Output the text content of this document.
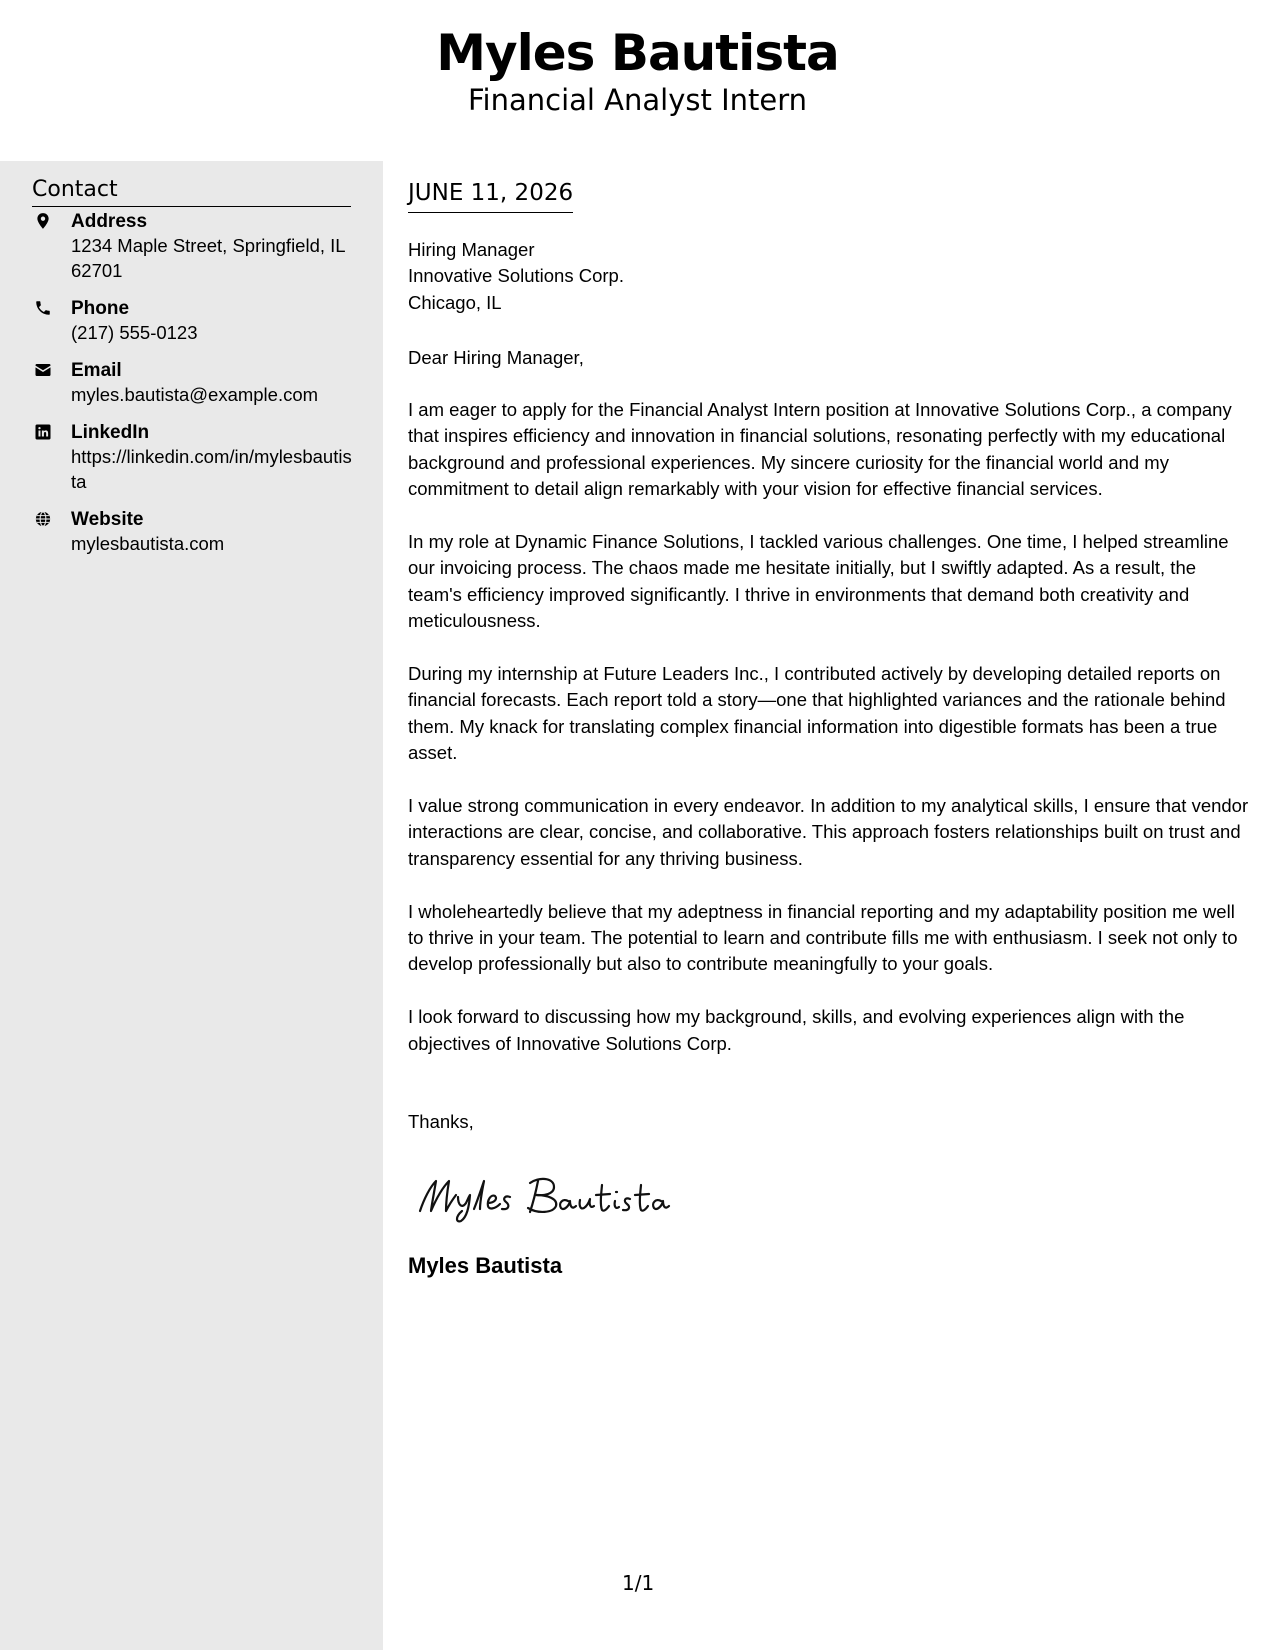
Myles Bautista
Financial Analyst Intern
Contact
Address
1234 Maple Street, Springfield, IL 62701
Phone
(217) 555-0123
Email
myles.bautista@example.com
LinkedIn
https://linkedin.com/in/mylesbautista
Website
mylesbautista.com
JUNE 11, 2026
Hiring Manager
Innovative Solutions Corp.
Chicago, IL
Dear Hiring Manager,

I am eager to apply for the Financial Analyst Intern position at Innovative Solutions Corp., a company that inspires efficiency and innovation in financial solutions, resonating perfectly with my educational background and professional experiences. My sincere curiosity for the financial world and my commitment to detail align remarkably with your vision for effective financial services.

In my role at Dynamic Finance Solutions, I tackled various challenges. One time, I helped streamline our invoicing process. The chaos made me hesitate initially, but I swiftly adapted. As a result, the team's efficiency improved significantly. I thrive in environments that demand both creativity and meticulousness.

During my internship at Future Leaders Inc., I contributed actively by developing detailed reports on financial forecasts. Each report told a story—one that highlighted variances and the rationale behind them. My knack for translating complex financial information into digestible formats has been a true asset.

I value strong communication in every endeavor. In addition to my analytical skills, I ensure that vendor interactions are clear, concise, and collaborative. This approach fosters relationships built on trust and transparency essential for any thriving business.

I wholeheartedly believe that my adeptness in financial reporting and my adaptability position me well to thrive in your team. The potential to learn and contribute fills me with enthusiasm. I seek not only to develop professionally but also to contribute meaningfully to your goals.

I look forward to discussing how my background, skills, and evolving experiences align with the objectives of Innovative Solutions Corp.

Thanks,
Myles Bautista
1/1
